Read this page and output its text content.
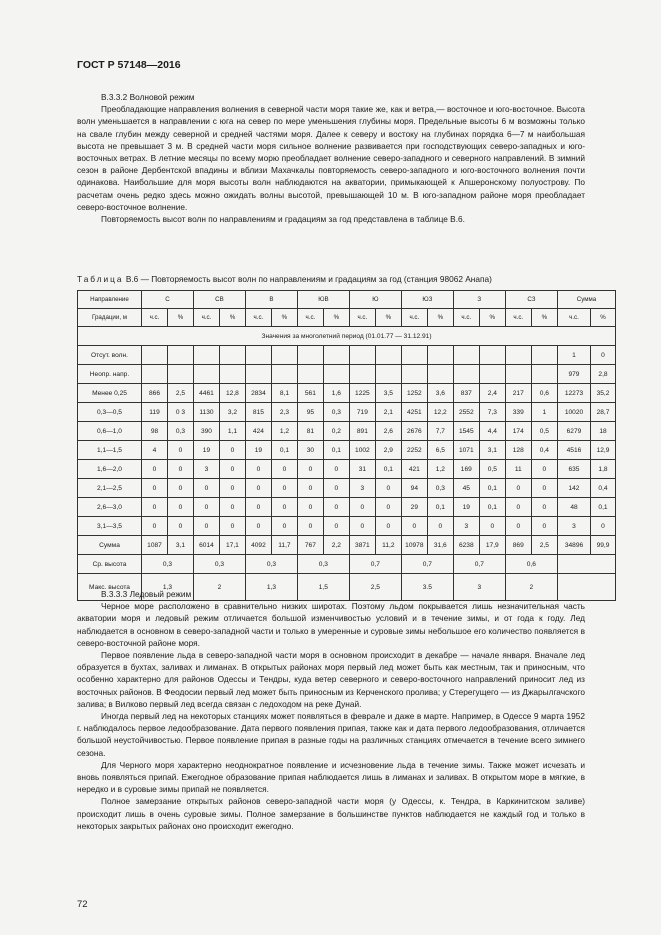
ГОСТ Р 57148—2016

В.3.3.2 Волновой режим

Преобладающие направления волнения в северной части моря такие же, как и ветра,— восточное и юго-восточное. Высота волн уменьшается в направлении с юга на север по мере уменьшения глубины моря. Предельные высоты 6 м возможны только на свале глубин между северной и средней частями моря. Далее к северу и востоку на глубинах порядка 6—7 м наибольшая высота не превышает 3 м. В средней части моря сильное волнение развивается при господствующих северо-западных и юго-восточных ветрах. В летние месяцы по всему морю преобладает волнение северо-западного и северного направлений. В зимний сезон в районе Дербентской впадины и вблизи Махачкалы повторяемость северо-западного и юго-восточного волнения почти одинакова. Наибольшие для моря высоты волн наблюдаются на акватории, примыкающей к Апшеронскому полуострову. По расчетам очень редко здесь можно ожидать волны высотой, превышающей 10 м. В юго-западном районе моря преобладает северо-восточное волнение.

Повторяемость высот волн по направлениям и градациям за год представлена в таблице В.6.

Таблица В.6 — Повторяемость высот волн по направлениям и градациям за год (станция 98062 Анапа)
Направление	С		СВ		В		ЮВ		Ю		ЮЗ		З		СЗ		Сумма	
Градации, м	ч.с.	%	ч.с.	%	ч.с.	%	ч.с.	%	ч.с.	%	ч.с.	%	ч.с.	%	ч.с.	%	ч.с.	%
Значения за многолетний период (01.01.77 — 31.12.91)																		
Отсут. волн.																	1	0
Неопр. напр.																	979	2,8
Менее 0,25	866	2,5	4461	12,8	2834	8,1	561	1,6	1225	3,5	1252	3,6	837	2,4	217	0,6	12273	35,2
0,3—0,5	119	0 3	1130	3,2	815	2,3	95	0,3	719	2,1	4251	12,2	2552	7,3	339	1	10020	28,7
0,6—1,0	98	0,3	390	1,1	424	1,2	81	0,2	891	2,6	2676	7,7	1545	4,4	174	0,5	6279	18
1,1—1,5	4	0	19	0	19	0,1	30	0,1	1002	2,9	2252	6,5	1071	3,1	128	0,4	4516	12,9
1,6—2,0	0	0	3	0	0	0	0	0	31	0,1	421	1,2	169	0,5	11	0	635	1,8
2,1—2,5	0	0	0	0	0	0	0	0	3	0	94	0,3	45	0,1	0	0	142	0,4
2,6—3,0	0	0	0	0	0	0	0	0	0	0	29	0,1	19	0,1	0	0	48	0,1
3,1—3,5	0	0	0	0	0	0	0	0	0	0	0	0	3	0	0	0	3	0
Сумма	1087	3,1	6014	17,1	4092	11,7	767	2,2	3871	11,2	10978	31,6	6238	17,9	869	2,5	34896	99,9
Ср. высота	0,3		0,3		0,3		0,3		0,7		0,7		0,7		0,6			
Макс. высота	1,3		2		1,3		1,5		2,5		3.5		3		2			

В.3.3.3 Ледовый режим

Черное море расположено в сравнительно низких широтах. Поэтому льдом покрывается лишь незначительная часть акватории моря и ледовый режим отличается большой изменчивостью условий и в течение зимы, и от года к году. Лед наблюдается в основном в северо-западной части и только в умеренные и суровые зимы небольшое его количество появляется в северо-восточной районе моря.

Первое появление льда в северо-западной части моря в основном происходит в декабре — начале января. Вначале лед образуется в бухтах, заливах и лиманах. В открытых районах моря первый лед может быть как местным, так и приносным, что особенно характерно для районов Одессы и Тендры, куда ветер северного и северо-восточного направлений приносит лед из восточных районов. В Феодосии первый лед может быть приносным из Керченского пролива; у Стерегущего — из Джарылгачского залива; в Вилково первый лед всегда связан с ледоходом на реке Дунай.

Иногда первый лед на некоторых станциях может появляться в феврале и даже в марте. Например, в Одессе 9 марта 1952 г. наблюдалось первое ледообразование. Дата первого появления припая, также как и дата первого ледообразования, отличается большой неустойчивостью. Первое появление припая в разные годы на различных станциях отмечается в течение всего зимнего сезона.

Для Черного моря характерно неоднократное появление и исчезновение льда в течение зимы. Также может исчезать и вновь появляться припай. Ежегодное образование припая наблюдается лишь в лиманах и заливах. В открытом море в мягкие, в нередко и в суровые зимы припай не появляется.

Полное замерзание открытых районов северо-западной части моря (у Одессы, к. Тендра, в Каркинитском заливе) происходит лишь в очень суровые зимы. Полное замерзание в большинстве пунктов наблюдается не каждый год и только в некоторых закрытых районах оно происходит ежегодно.

72
